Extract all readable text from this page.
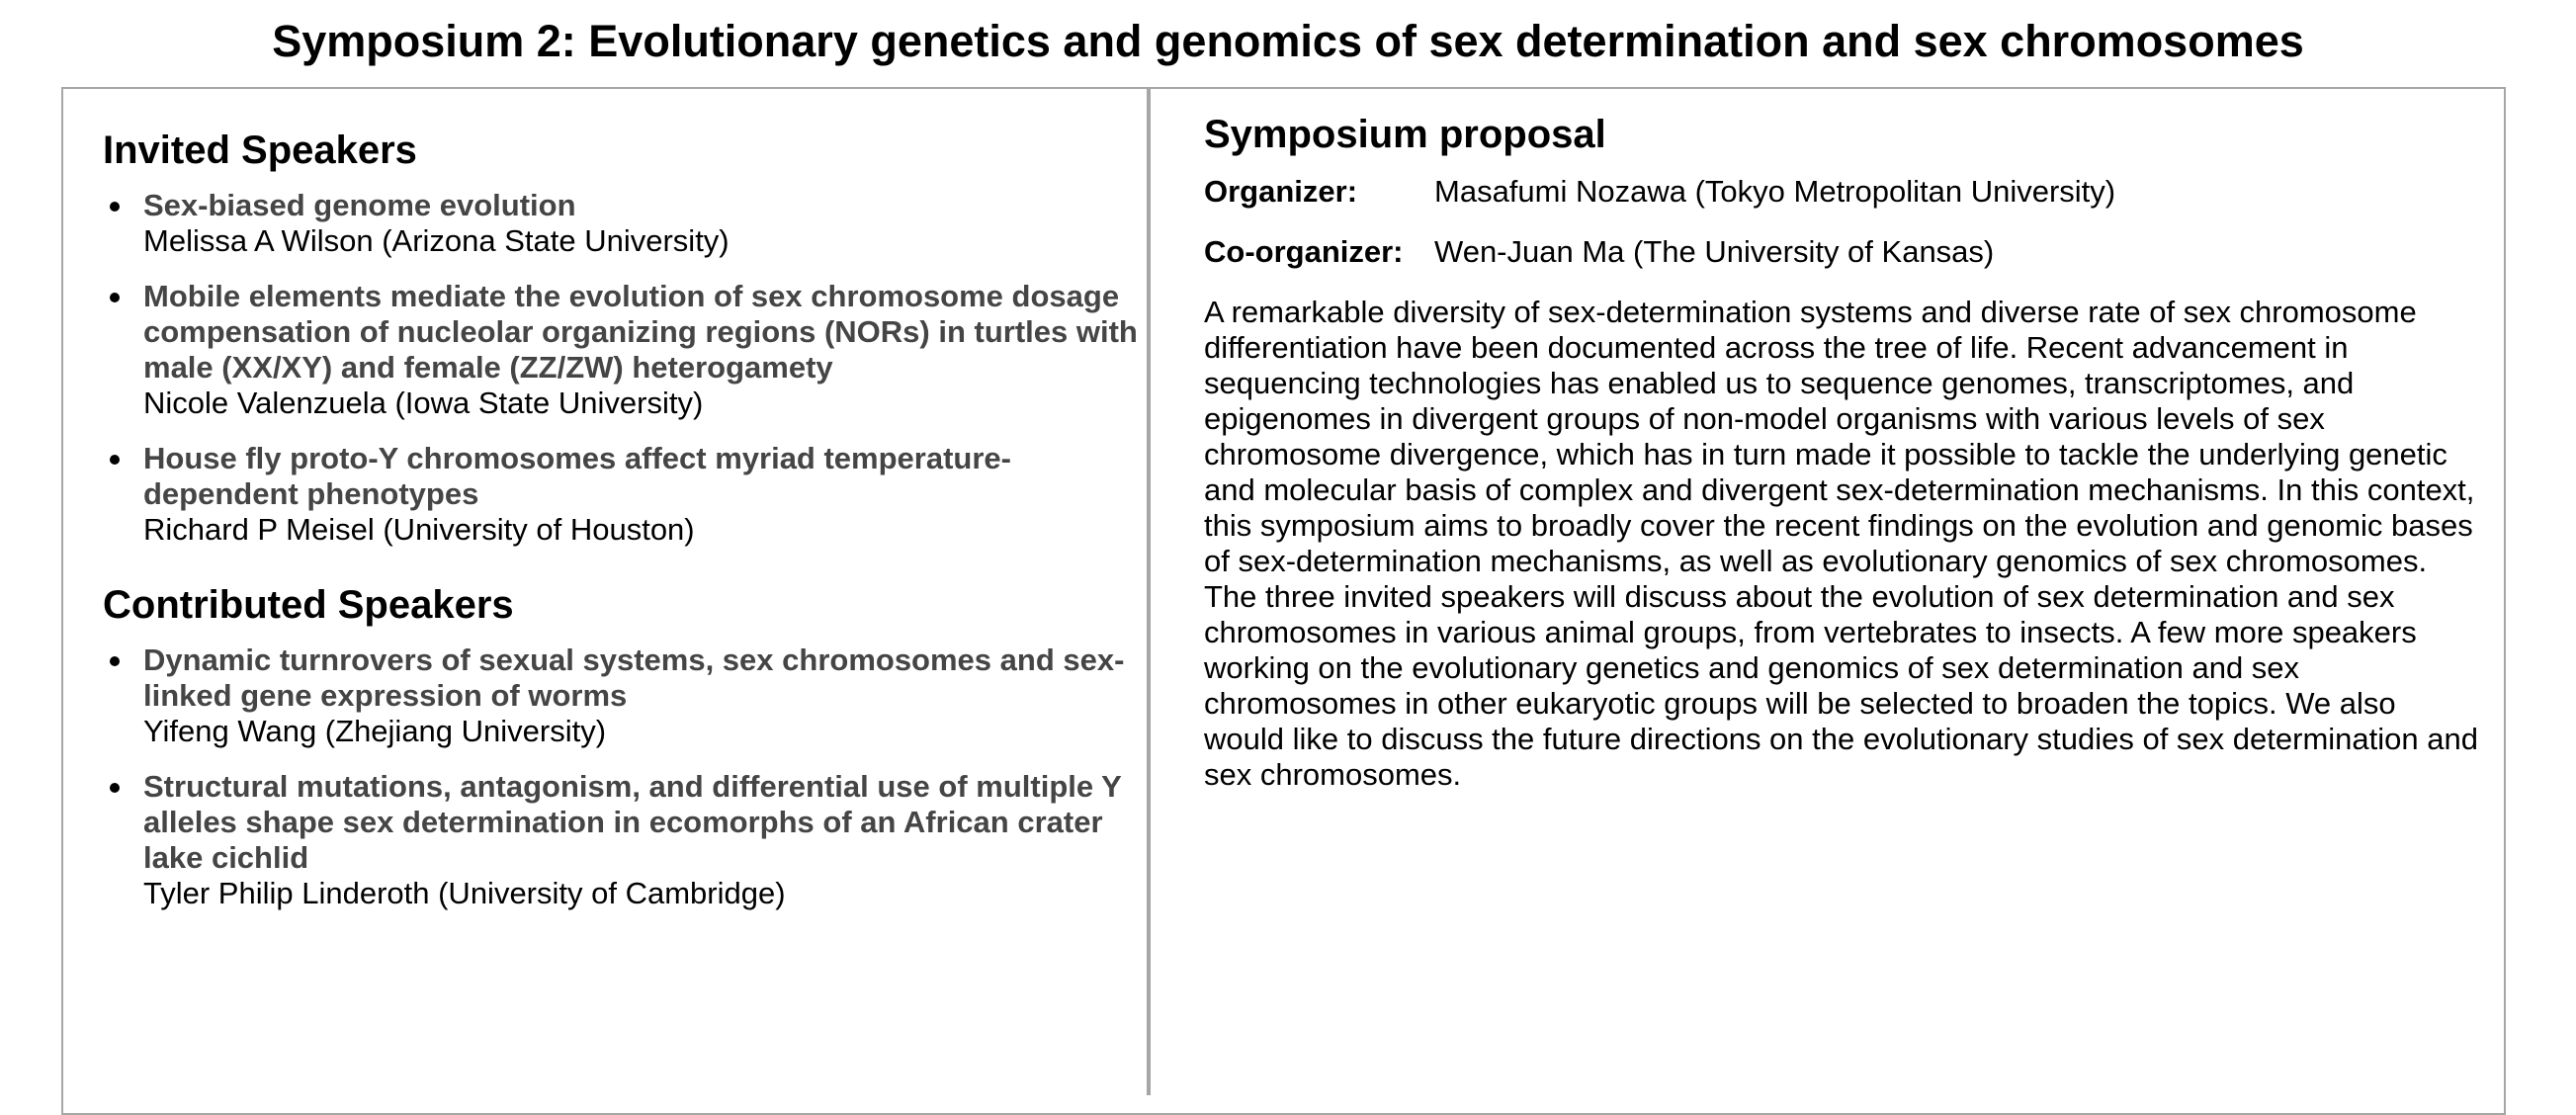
Symposium 2: Evolutionary genetics and genomics of sex determination and sex chromosomes
Invited Speakers
Sex-biased genome evolution
Melissa A Wilson (Arizona State University)
Mobile elements mediate the evolution of sex chromosome dosage compensation of nucleolar organizing regions (NORs) in turtles with male (XX/XY) and female (ZZ/ZW) heterogamety
Nicole Valenzuela (Iowa State University)
House fly proto-Y chromosomes affect myriad temperature-dependent phenotypes
Richard P Meisel (University of Houston)
Contributed Speakers
Dynamic turnrovers of sexual systems, sex chromosomes and sex-linked gene expression of worms
Yifeng Wang (Zhejiang University)
Structural mutations, antagonism, and differential use of multiple Y alleles shape sex determination in ecomorphs of an African crater lake cichlid
Tyler Philip Linderoth (University of Cambridge)
Symposium proposal
Organizer:	Masafumi Nozawa (Tokyo Metropolitan University)
Co-organizer:	Wen-Juan Ma (The University of Kansas)

A remarkable diversity of sex-determination systems and diverse rate of sex chromosome differentiation have been documented across the tree of life. Recent advancement in sequencing technologies has enabled us to sequence genomes, transcriptomes, and epigenomes in divergent groups of non-model organisms with various levels of sex chromosome divergence, which has in turn made it possible to tackle the underlying genetic and molecular basis of complex and divergent sex-determination mechanisms. In this context, this symposium aims to broadly cover the recent findings on the evolution and genomic bases of sex-determination mechanisms, as well as evolutionary genomics of sex chromosomes. The three invited speakers will discuss about the evolution of sex determination and sex chromosomes in various animal groups, from vertebrates to insects. A few more speakers working on the evolutionary genetics and genomics of sex determination and sex chromosomes in other eukaryotic groups will be selected to broaden the topics. We also would like to discuss the future directions on the evolutionary studies of sex determination and sex chromosomes.
